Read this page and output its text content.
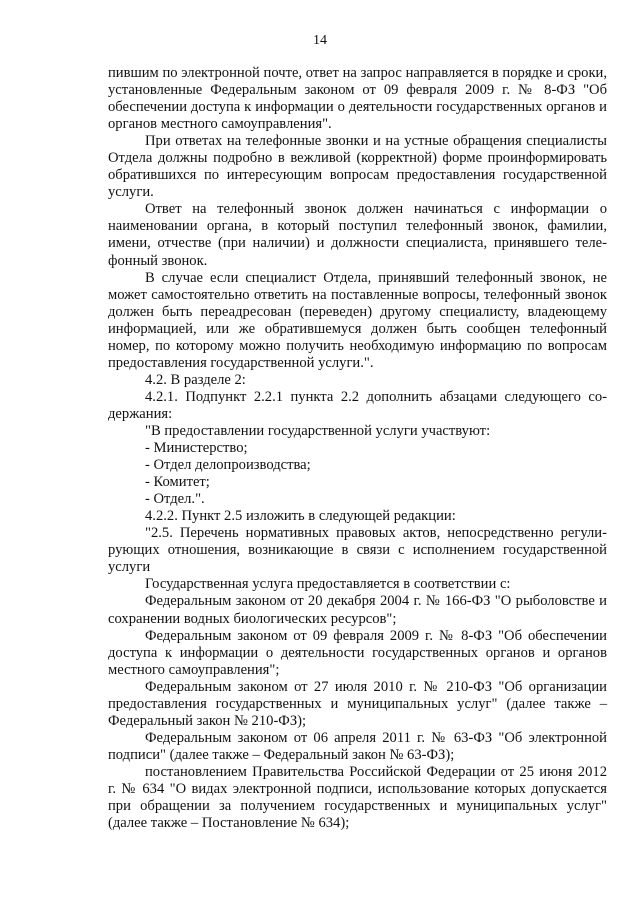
14

пившим по электронной почте, ответ на запрос направляется в порядке и сроки, установленные Федеральным законом от 09 февраля 2009 г. № 8-ФЗ "Об обеспечении доступа к информации о деятельности государственных органов и органов местного самоуправления".

При ответах на телефонные звонки и на устные обращения специалисты Отдела должны подробно в вежливой (корректной) форме проинформировать обратившихся по интересующим вопросам предоставления государственной услуги.

Ответ на телефонный звонок должен начинаться с информации о наименовании органа, в который поступил телефонный звонок, фамилии, имени, отчестве (при наличии) и должности специалиста, принявшего телефонный звонок.

В случае если специалист Отдела, принявший телефонный звонок, не может самостоятельно ответить на поставленные вопросы, телефонный звонок должен быть переадресован (переведен) другому специалисту, владеющему информацией, или же обратившемуся должен быть сообщен телефонный номер, по которому можно получить необходимую информацию по вопросам предоставления государственной услуги.".

4.2. В разделе 2:

4.2.1. Подпункт 2.2.1 пункта 2.2 дополнить абзацами следующего содержания:

"В предоставлении государственной услуги участвуют:

- Министерство;

- Отдел делопроизводства;

- Комитет;

- Отдел.".

4.2.2. Пункт 2.5 изложить в следующей редакции:

"2.5. Перечень нормативных правовых актов, непосредственно регулирующих отношения, возникающие в связи с исполнением государственной услуги

Государственная услуга предоставляется в соответствии с:

Федеральным законом от 20 декабря 2004 г. № 166-ФЗ "О рыболовстве и сохранении водных биологических ресурсов";

Федеральным законом от 09 февраля 2009 г. № 8-ФЗ "Об обеспечении доступа к информации о деятельности государственных органов и органов местного самоуправления";

Федеральным законом от 27 июля 2010 г. № 210-ФЗ "Об организации предоставления государственных и муниципальных услуг" (далее также – Федеральный закон № 210-ФЗ);

Федеральным законом от 06 апреля 2011 г. № 63-ФЗ "Об электронной подписи" (далее также – Федеральный закон № 63-ФЗ);

постановлением Правительства Российской Федерации от 25 июня 2012 г. № 634 "О видах электронной подписи, использование которых допускается при обращении за получением государственных и муниципальных услуг" (далее также – Постановление № 634);
